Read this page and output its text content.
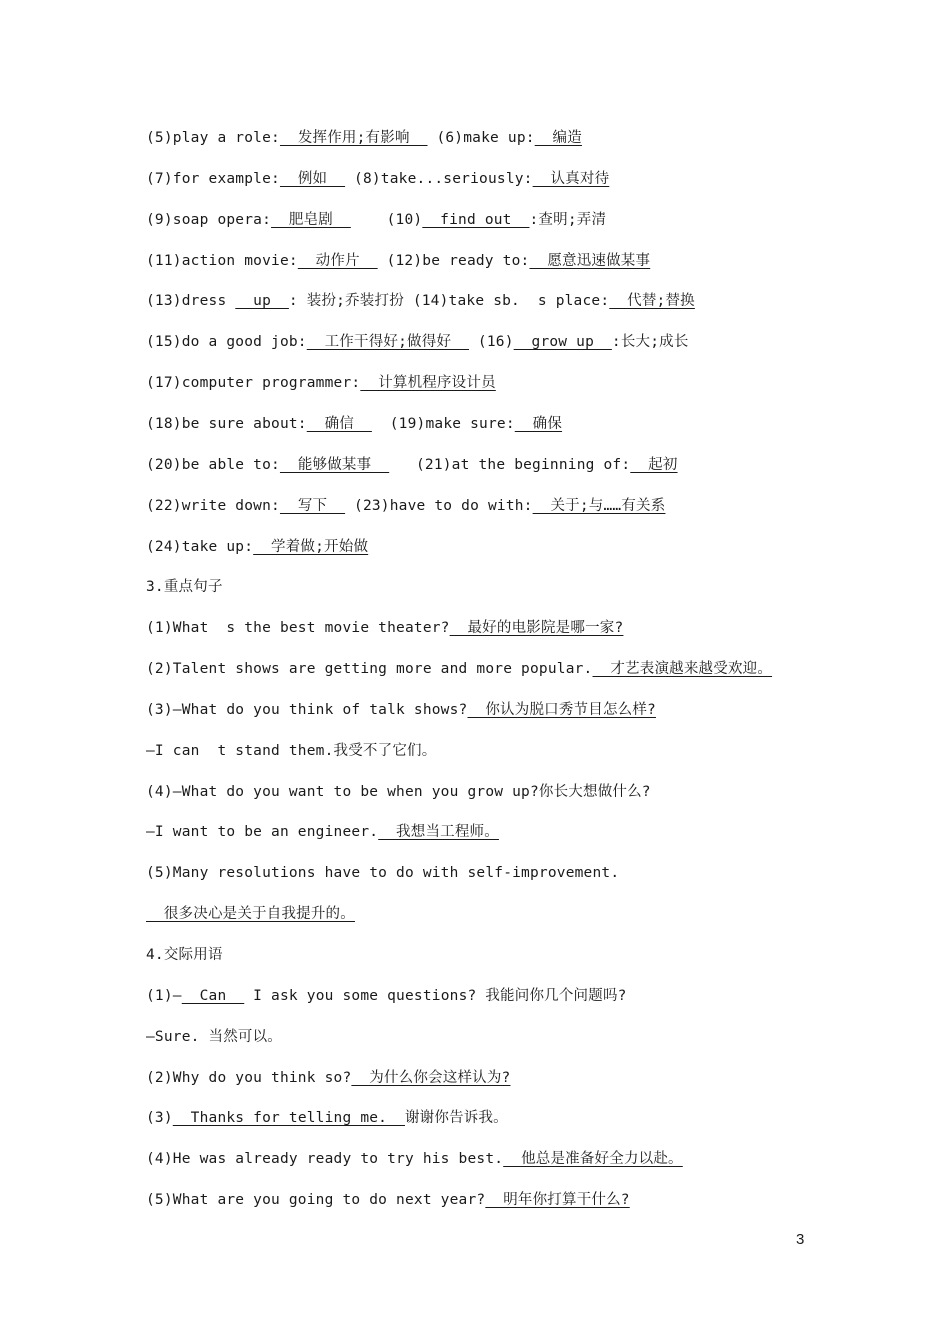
(5)play a role:  发挥作用;有影响   (6)make up:  编造
(7)for example:  例如   (8)take...seriously:  认真对待
(9)soap opera:  肥皂剧      (10)  find out  :查明;弄清
(11)action movie:  动作片   (12)be ready to:  愿意迅速做某事
(13)dress   up  : 装扮;乔装打扮 (14)take sb.  s place:  代替;替换
(15)do a good job:  工作干得好;做得好   (16)  grow up  :长大;成长
(17)computer programmer:  计算机程序设计员
(18)be sure about:  确信    (19)make sure:  确保
(20)be able to:  能够做某事     (21)at the beginning of:  起初
(22)write down:  写下   (23)have to do with:  关于;与……有关系
(24)take up:  学着做;开始做
3.重点句子
(1)What  s the best movie theater?  最好的电影院是哪一家?
(2)Talent shows are getting more and more popular.  才艺表演越来越受欢迎。
(3)—What do you think of talk shows?  你认为脱口秀节目怎么样?
—I can  t stand them.我受不了它们。
(4)—What do you want to be when you grow up?你长大想做什么?
—I want to be an engineer.  我想当工程师。
(5)Many resolutions have to do with self-improvement.
很多决心是关于自我提升的。
4.交际用语
(1)—  Can   I ask you some questions? 我能问你几个问题吗?
—Sure. 当然可以。
(2)Why do you think so?  为什么你会这样认为?
(3)  Thanks for telling me.  谢谢你告诉我。
(4)He was already ready to try his best.  他总是准备好全力以赴。
(5)What are you going to do next year?  明年你打算干什么?
3
